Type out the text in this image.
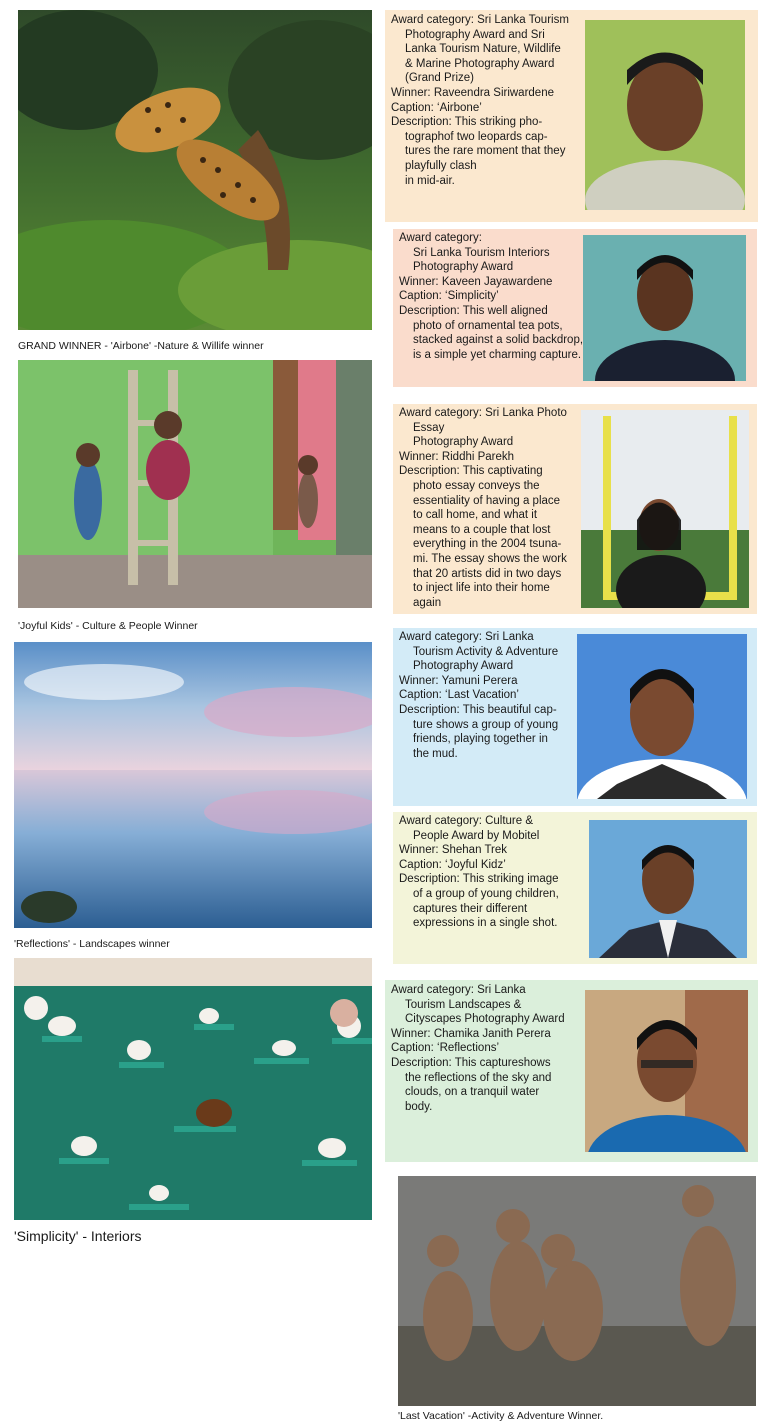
GRAND WINNER - 'Airbone' -Nature & Willife winner
'Joyful Kids' - Culture & People Winner
'Reflections' - Landscapes winner
'Simplicity' - Interiors
Award category: Sri Lanka Tourism
Photography Award and Sri
Lanka Tourism Nature, Wildlife
& Marine Photography Award
(Grand Prize)
Winner: Raveendra Siriwardene
Caption: ‘Airbone’
Description: This striking pho-
tographof two leopards cap-
tures the rare moment that they
playfully clash
in mid-air.
Award category:
Sri Lanka Tourism Interiors
Photography Award
Winner: Kaveen Jayawardene
Caption: ‘Simplicity’
Description: This well aligned
photo of ornamental tea pots,
stacked against a solid backdrop,
is a simple yet charming capture.
Award category: Sri Lanka Photo
Essay
Photography Award
Winner: Riddhi Parekh
Description: This captivating
photo essay conveys the
essentiality of having a place
to call home, and what it
means to a couple that lost
everything in the 2004 tsuna-
mi. The essay shows the work
that 20 artists did in two days
to inject life into their home
again
Award category: Sri Lanka
Tourism Activity & Adventure
Photography Award
Winner: Yamuni Perera
Caption: ‘Last Vacation’
Description: This beautiful cap-
ture shows a group of young
friends, playing together in
the mud.
Award category: Culture &
People Award by Mobitel
Winner: Shehan Trek
Caption: ‘Joyful Kidz’
Description: This striking image
of a group of young children,
captures their different
expressions in a single shot.
Award category: Sri Lanka
Tourism Landscapes &
Cityscapes Photography Award
Winner: Chamika Janith Perera
Caption: ‘Reflections’
Description: This captureshows
the reflections of the sky and
clouds, on a tranquil water
body.
'Last Vacation' -Activity & Adventure Winner.
